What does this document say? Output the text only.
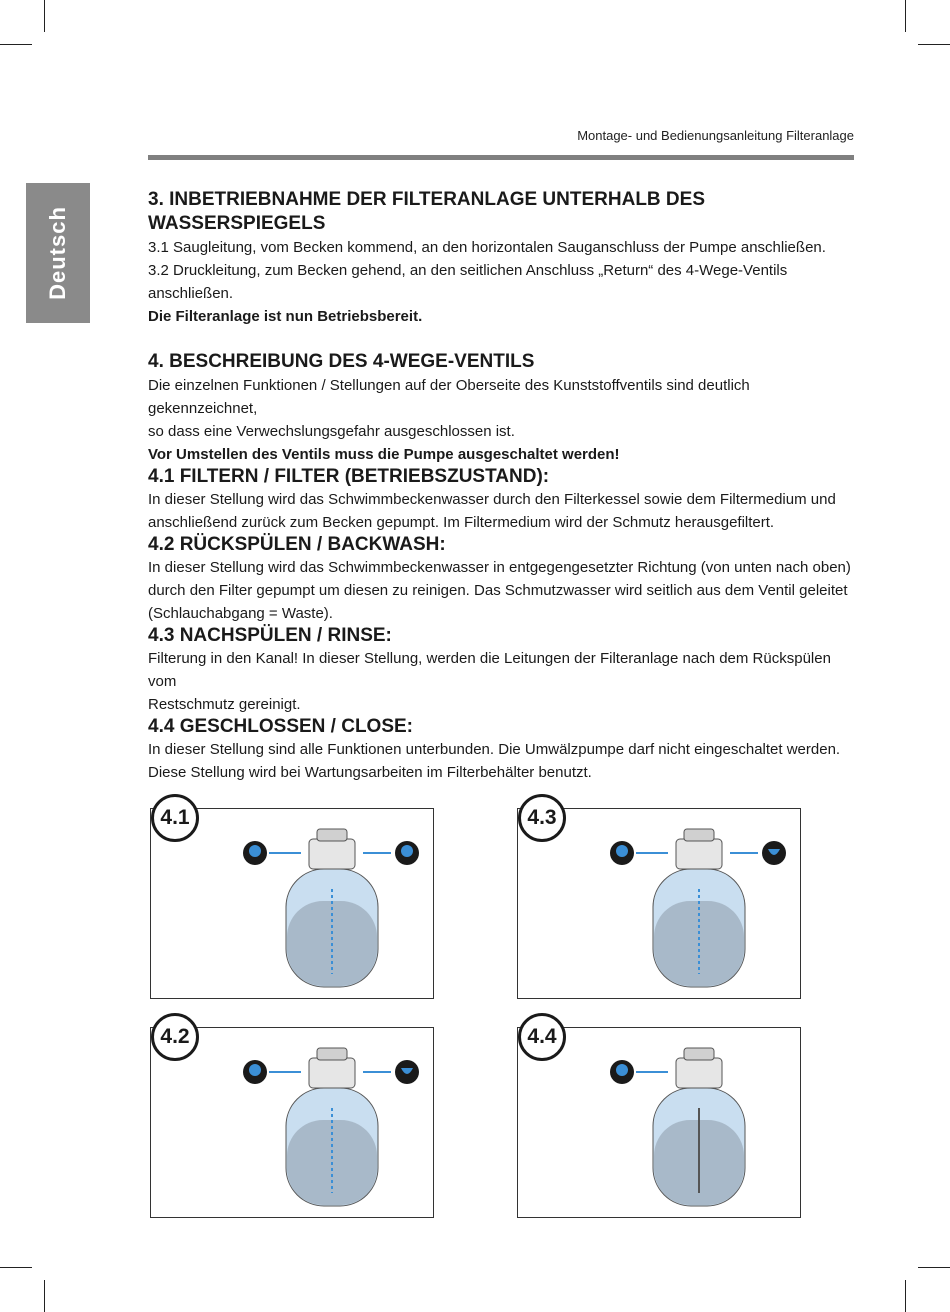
Montage- und Bedienungsanleitung Filteranlage
Deutsch
3. INBETRIEBNAHME DER FILTERANLAGE UNTERHALB DES WASSERSPIEGELS

3.1 Saugleitung, vom Becken kommend, an den horizontalen Sauganschluss der Pumpe anschließen.

3.2 Druckleitung, zum Becken gehend, an den seitlichen Anschluss „Return“ des 4-Wege-Ventils

anschließen.

Die Filteranlage ist nun Betriebsbereit.

4. BESCHREIBUNG DES 4-WEGE-VENTILS

Die einzelnen Funktionen / Stellungen auf der Oberseite des Kunststoffventils sind deutlich gekennzeichnet,

so dass eine Verwechslungsgefahr ausgeschlossen ist.

Vor Umstellen des Ventils muss die Pumpe ausgeschaltet werden!

4.1 FILTERN / FILTER (BETRIEBSZUSTAND):

In dieser Stellung wird das Schwimmbeckenwasser durch den Filterkessel sowie dem Filtermedium und

anschließend zurück zum Becken gepumpt. Im Filtermedium wird der Schmutz herausgefiltert.

4.2 RÜCKSPÜLEN / BACKWASH:

In dieser Stellung wird das Schwimmbeckenwasser in entgegengesetzter Richtung (von unten nach oben)

durch den Filter gepumpt um diesen zu reinigen. Das Schmutzwasser wird seitlich aus dem Ventil geleitet

(Schlauchabgang = Waste).

4.3 NACHSPÜLEN / RINSE:

Filterung in den Kanal! In dieser Stellung, werden die Leitungen der Filteranlage nach dem Rückspülen vom

Restschmutz gereinigt.

4.4 GESCHLOSSEN / CLOSE:

In dieser Stellung sind alle Funktionen unterbunden. Die Umwälzpumpe darf nicht eingeschaltet werden.

Diese Stellung wird bei Wartungsarbeiten im Filterbehälter benutzt.

4.1	4.3
4.2	4.4
